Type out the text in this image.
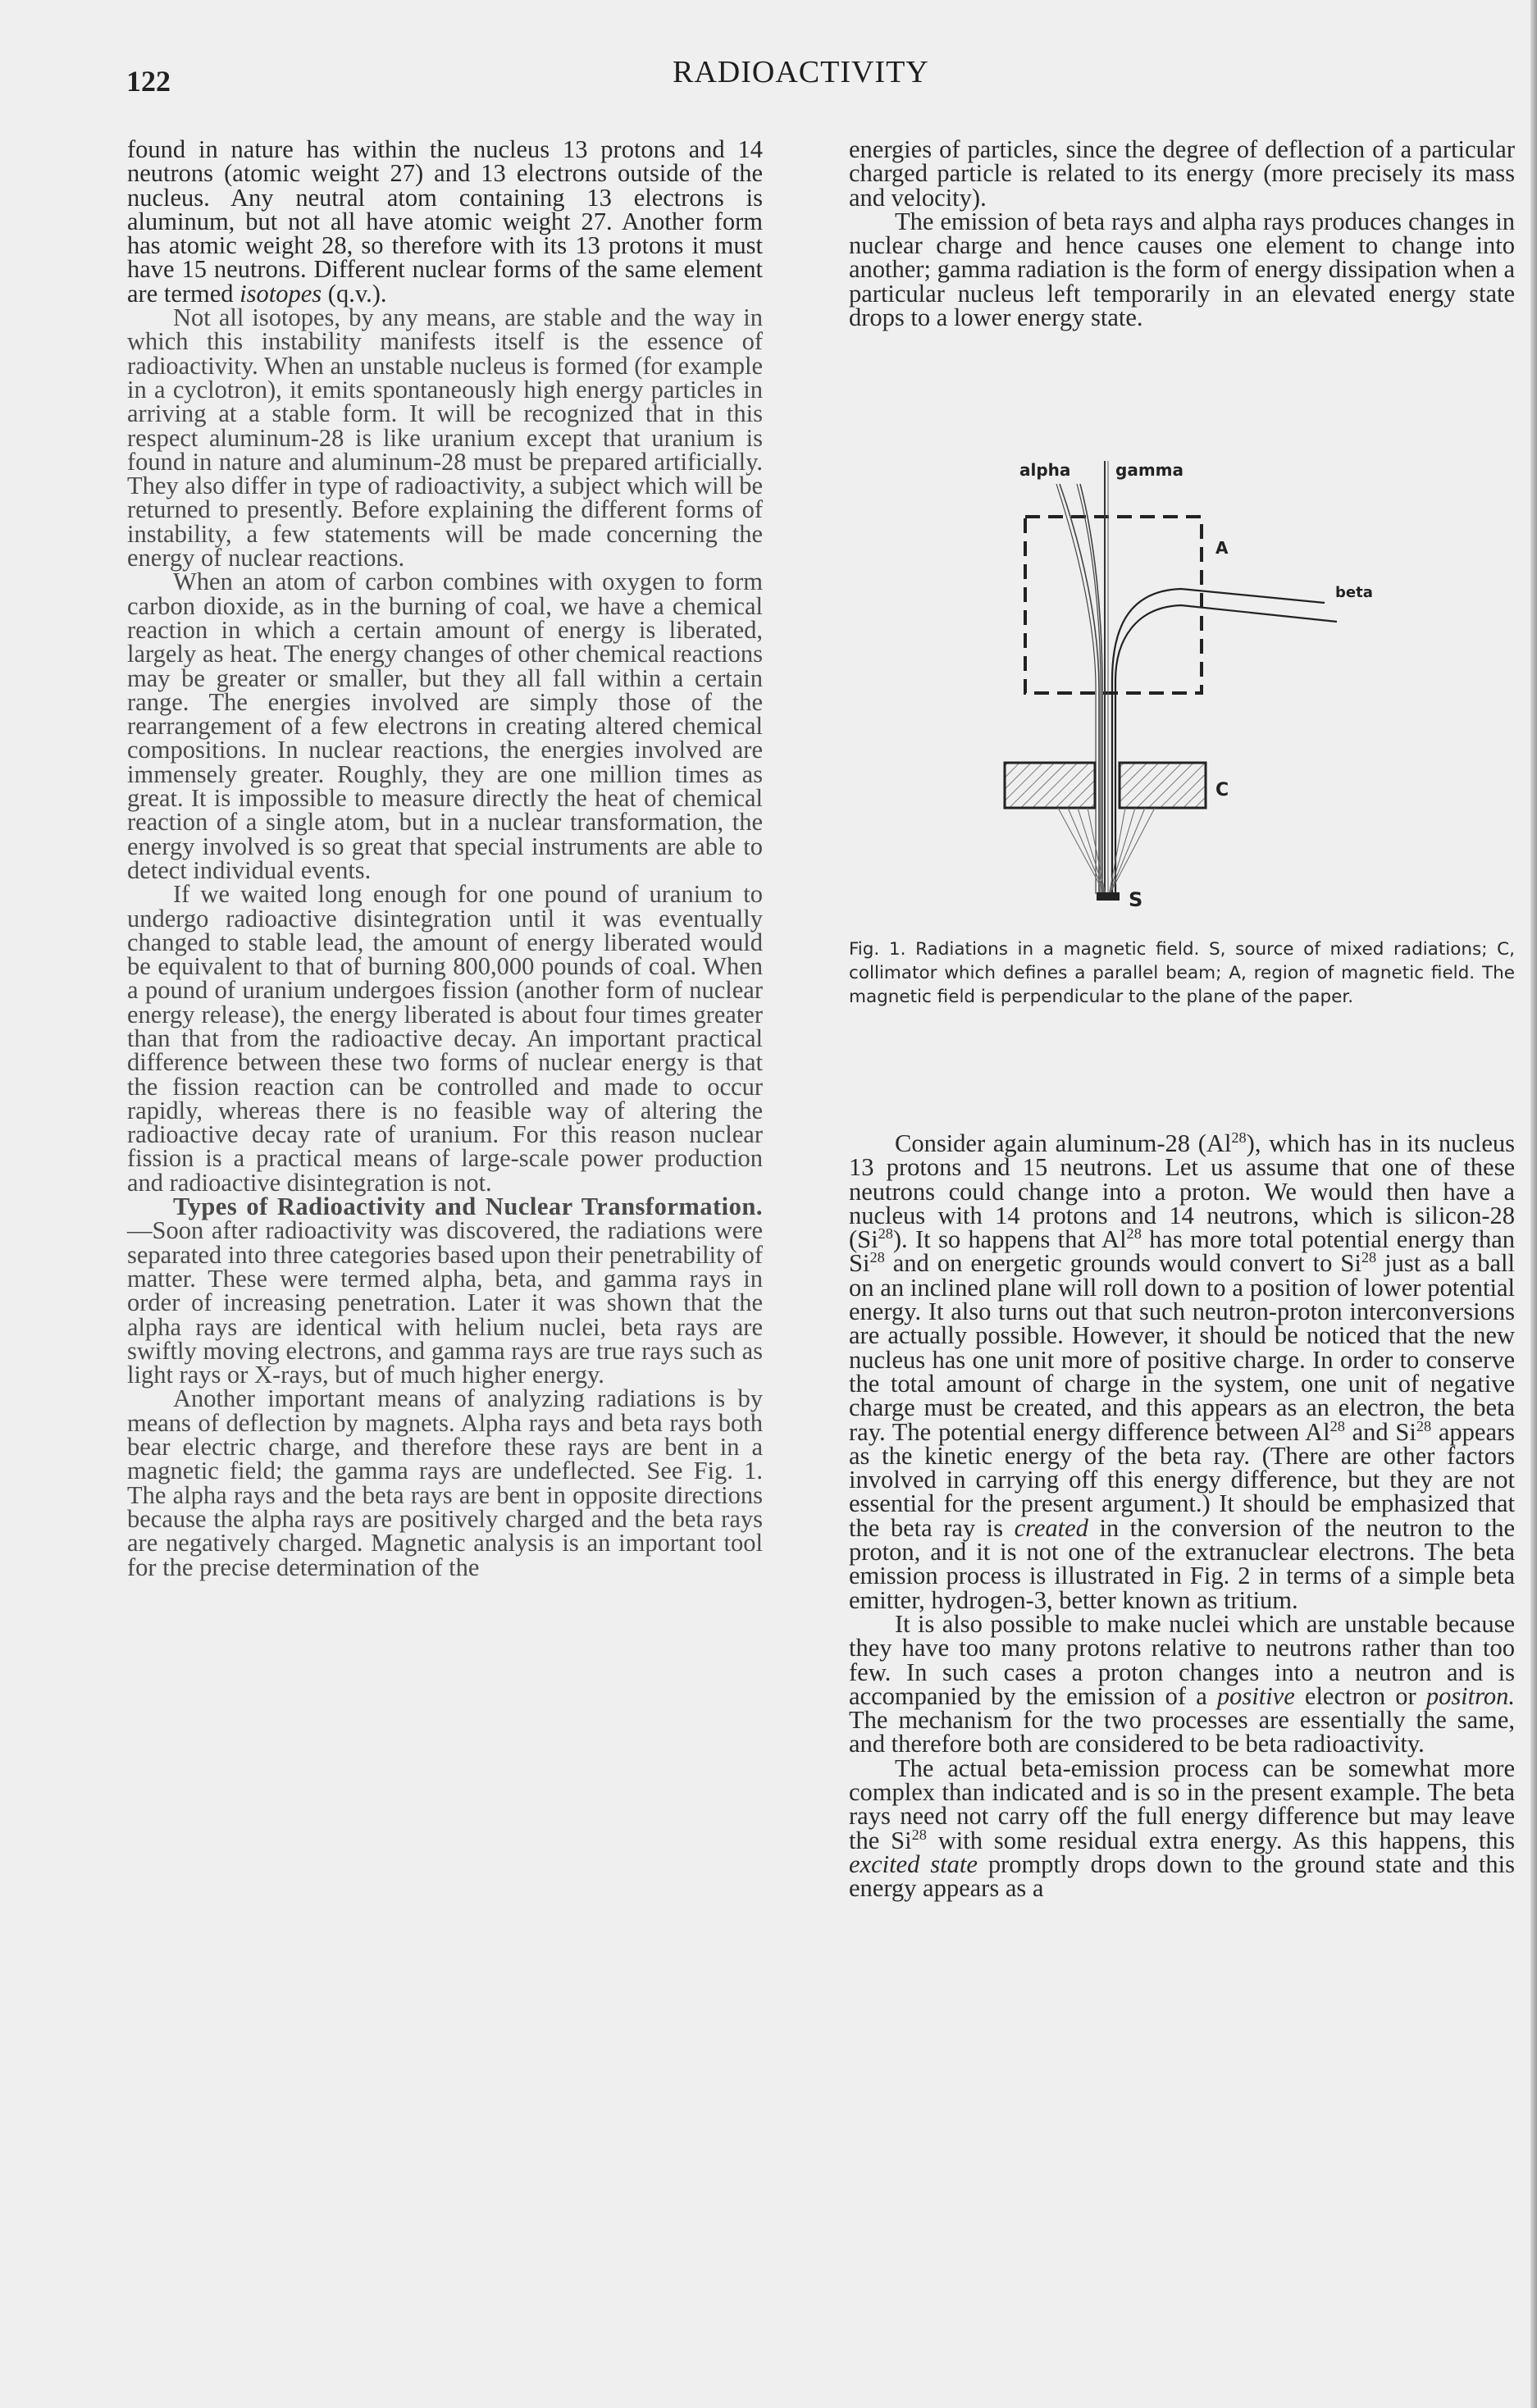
122	RADIOACTIVITY

found in nature has within the nucleus 13 protons and 14 neutrons (atomic weight 27) and 13 electrons outside of the nucleus. Any neutral atom containing 13 electrons is aluminum, but not all have atomic weight 27. Another form has atomic weight 28, so therefore with its 13 protons it must have 15 neutrons. Different nuclear forms of the same element are termed isotopes (q.v.).

Not all isotopes, by any means, are stable and the way in which this instability manifests itself is the essence of radioactivity. When an unstable nucleus is formed (for example in a cyclotron), it emits spontaneously high energy particles in arriving at a stable form. It will be recognized that in this respect aluminum-28 is like uranium except that uranium is found in nature and aluminum-28 must be prepared artificially. They also differ in type of radioactivity, a subject which will be returned to presently. Before explaining the different forms of instability, a few statements will be made concerning the energy of nuclear reactions.

When an atom of carbon combines with oxygen to form carbon dioxide, as in the burning of coal, we have a chemical reaction in which a certain amount of energy is liberated, largely as heat. The energy changes of other chemical reactions may be greater or smaller, but they all fall within a certain range. The energies involved are simply those of the rearrangement of a few electrons in creating altered chemical compositions. In nuclear reactions, the energies involved are immensely greater. Roughly, they are one million times as great. It is impossible to measure directly the heat of chemical reaction of a single atom, but in a nuclear transformation, the energy involved is so great that special instruments are able to detect individual events.

If we waited long enough for one pound of uranium to undergo radioactive disintegration until it was eventually changed to stable lead, the amount of energy liberated would be equivalent to that of burning 800,000 pounds of coal. When a pound of uranium undergoes fission (another form of nuclear energy release), the energy liberated is about four times greater than that from the radioactive decay. An important practical difference between these two forms of nuclear energy is that the fission reaction can be controlled and made to occur rapidly, whereas there is no feasible way of altering the radioactive decay rate of uranium. For this reason nuclear fission is a practical means of large-scale power production and radioactive disintegration is not.

Types of Radioactivity and Nuclear Transformation.—Soon after radioactivity was discovered, the radiations were separated into three categories based upon their penetrability of matter. These were termed alpha, beta, and gamma rays in order of increasing penetration. Later it was shown that the alpha rays are identical with helium nuclei, beta rays are swiftly moving electrons, and gamma rays are true rays such as light rays or X-rays, but of much higher energy.

Another important means of analyzing radiations is by means of deflection by magnets. Alpha rays and beta rays both bear electric charge, and therefore these rays are bent in a magnetic field; the gamma rays are undeflected. See Fig. 1. The alpha rays and the beta rays are bent in opposite directions because the alpha rays are positively charged and the beta rays are negatively charged. Magnetic analysis is an important tool for the precise determination of the

energies of particles, since the degree of deflection of a particular charged particle is related to its energy (more precisely its mass and velocity).

The emission of beta rays and alpha rays produces changes in nuclear charge and hence causes one element to change into another; gamma radiation is the form of energy dissipation when a particular nucleus left temporarily in an elevated energy state drops to a lower energy state.

alpha	gamma
beta
A
C
S
Fig. 1. Radiations in a magnetic field. S, source of mixed radiations; C, collimator which defines a parallel beam; A, region of magnetic field. The magnetic field is perpendicular to the plane of the paper.

Consider again aluminum-28 (Al$^{28}$), which has in its nucleus 13 protons and 15 neutrons. Let us assume that one of these neutrons could change into a proton. We would then have a nucleus with 14 protons and 14 neutrons, which is silicon-28 (Si$^{28}$). It so happens that Al$^{28}$ has more total potential energy than Si$^{28}$ and on energetic grounds would convert to Si$^{28}$ just as a ball on an inclined plane will roll down to a position of lower potential energy. It also turns out that such neutron-proton interconversions are actually possible. However, it should be noticed that the new nucleus has one unit more of positive charge. In order to conserve the total amount of charge in the system, one unit of negative charge must be created, and this appears as an electron, the beta ray. The potential energy difference between Al$^{28}$ and Si$^{28}$ appears as the kinetic energy of the beta ray. (There are other factors involved in carrying off this energy difference, but they are not essential for the present argument.) It should be emphasized that the beta ray is created in the conversion of the neutron to the proton, and it is not one of the extranuclear electrons. The beta emission process is illustrated in Fig. 2 in terms of a simple beta emitter, hydrogen-3, better known as tritium.

It is also possible to make nuclei which are unstable because they have too many protons relative to neutrons rather than too few. In such cases a proton changes into a neutron and is accompanied by the emission of a positive electron or positron. The mechanism for the two processes are essentially the same, and therefore both are considered to be beta radioactivity.

The actual beta-emission process can be somewhat more complex than indicated and is so in the present example. The beta rays need not carry off the full energy difference but may leave the Si$^{28}$ with some residual extra energy. As this happens, this excited state promptly drops down to the ground state and this energy appears as a
